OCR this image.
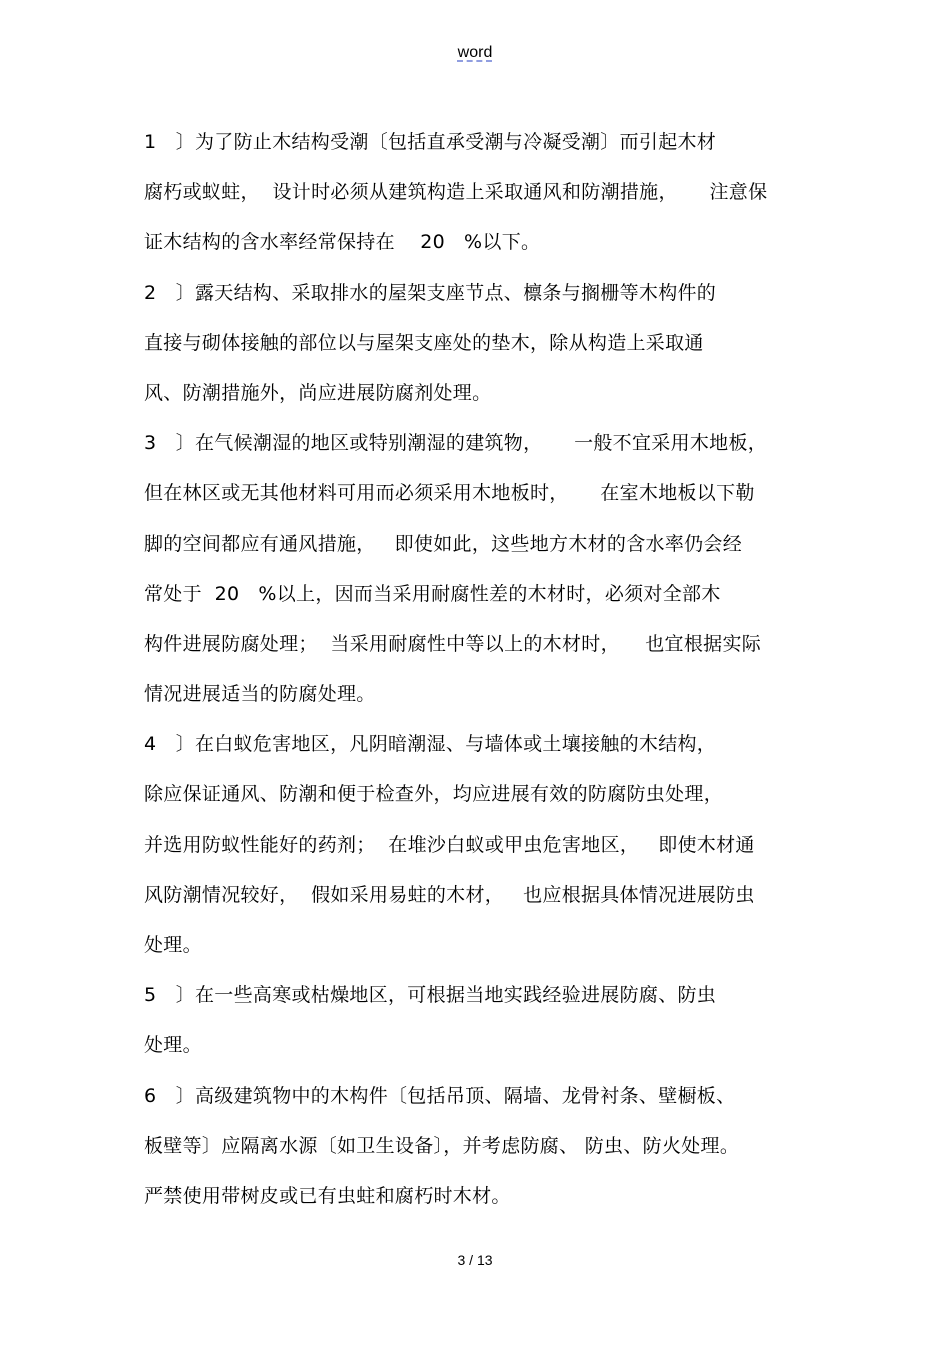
word
1　〕为了防止木结构受潮〔包括直承受潮与冷凝受潮〕而引起木材
腐朽或蚁蛀，  设计时必须从建筑构造上采取通风和防潮措施，     注意保
证木结构的含水率经常保持在    20   %以下。
2　〕露天结构、采取排水的屋架支座节点、檩条与搁栅等木构件的
直接与砌体接触的部位以与屋架支座处的垫木，除从构造上采取通
风、防潮措施外，尚应进展防腐剂处理。
3　〕在气候潮湿的地区或特别潮湿的建筑物，     一般不宜采用木地板，
但在林区或无其他材料可用而必须采用木地板时，     在室木地板以下勒
脚的空间都应有通风措施，   即使如此，这些地方木材的含水率仍会经
常处于  20   %以上，因而当采用耐腐性差的木材时，必须对全部木
构件进展防腐处理；  当采用耐腐性中等以上的木材时，    也宜根据实际
情况进展适当的防腐处理。
4　〕在白蚁危害地区，凡阴暗潮湿、与墙体或土壤接触的木结构，
除应保证通风、防潮和便于检查外，均应进展有效的防腐防虫处理，
并选用防蚁性能好的药剂；  在堆沙白蚁或甲虫危害地区，   即使木材通
风防潮情况较好，  假如采用易蛀的木材，   也应根据具体情况进展防虫
处理。
5　〕在一些高寒或枯燥地区，可根据当地实践经验进展防腐、防虫
处理。
6　〕高级建筑物中的木构件〔包括吊顶、隔墙、龙骨衬条、壁橱板、
板壁等〕应隔离水源〔如卫生设备〕，并考虑防腐、 防虫、防火处理。
严禁使用带树皮或已有虫蛀和腐朽时木材。
3 / 13
